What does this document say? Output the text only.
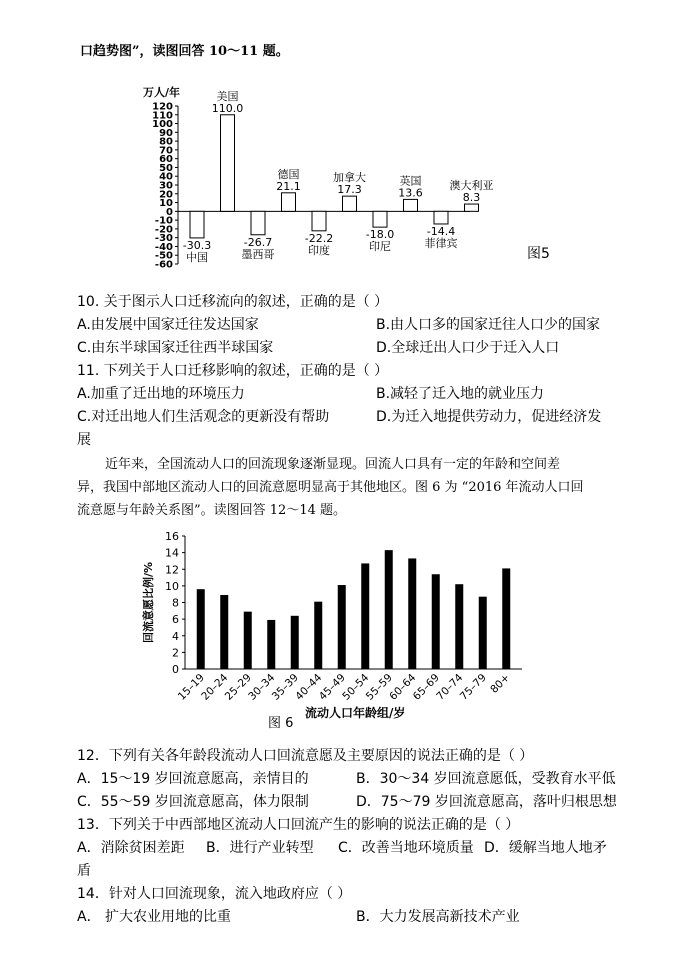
口趋势图”，读图回答 10～11 题。
万人/年
120
110
100
90
80
70
60
50
40
30
20
10
0
-10
-20
-30
-40
-50
-60
-30.3
中国
110.0
美国
-26.7
墨西哥
21.1
德国
-22.2
印度
17.3
加拿大
-18.0
印尼
13.6
英国
-14.4
菲律宾
8.3
澳大利亚
图5
10. 关于图示人口迁移流向的叙述，正确的是（ ）
A.由发展中国家迁往发达国家	B.由人口多的国家迁往人口少的国家
C.由东半球国家迁往西半球国家	D.全球迁出人口少于迁入人口
11. 下列关于人口迁移影响的叙述，正确的是（ ）
A.加重了迁出地的环境压力	B.减轻了迁入地的就业压力
C.对迁出地人们生活观念的更新没有帮助	D.为迁入地提供劳动力，促进经济发
展
近年来，全国流动人口的回流现象逐渐显现。回流人口具有一定的年龄和空间差
异，我国中部地区流动人口的回流意愿明显高于其他地区。图 6 为 “2016 年流动人口回
流意愿与年龄关系图”。读图回答 12～14 题。
回流意愿比例/%
0
2
4
6
8
10
12
14
16
15–19
20–24
25–29
30–34
35–39
40–44
45–49
50–54
55–59
60–64
65–69
70–74
75–79 80+
图 6
流动人口年龄组/岁
12．下列有关各年龄段流动人口回流意愿及主要原因的说法正确的是（ ）
A．15～19 岁回流意愿高，亲情目的	B．30～34 岁回流意愿低，受教育水平低
C．55～59 岁回流意愿高，体力限制	D．75～79 岁回流意愿高，落叶归根思想
13．下列关于中西部地区流动人口回流产生的影响的说法正确的是（ ）
A．消除贫困差距 B．进行产业转型 C．改善当地环境质量 D．缓解当地人地矛
盾
14．针对人口回流现象，流入地政府应（ ）
A． 扩大农业用地的比重	B．大力发展高新技术产业
